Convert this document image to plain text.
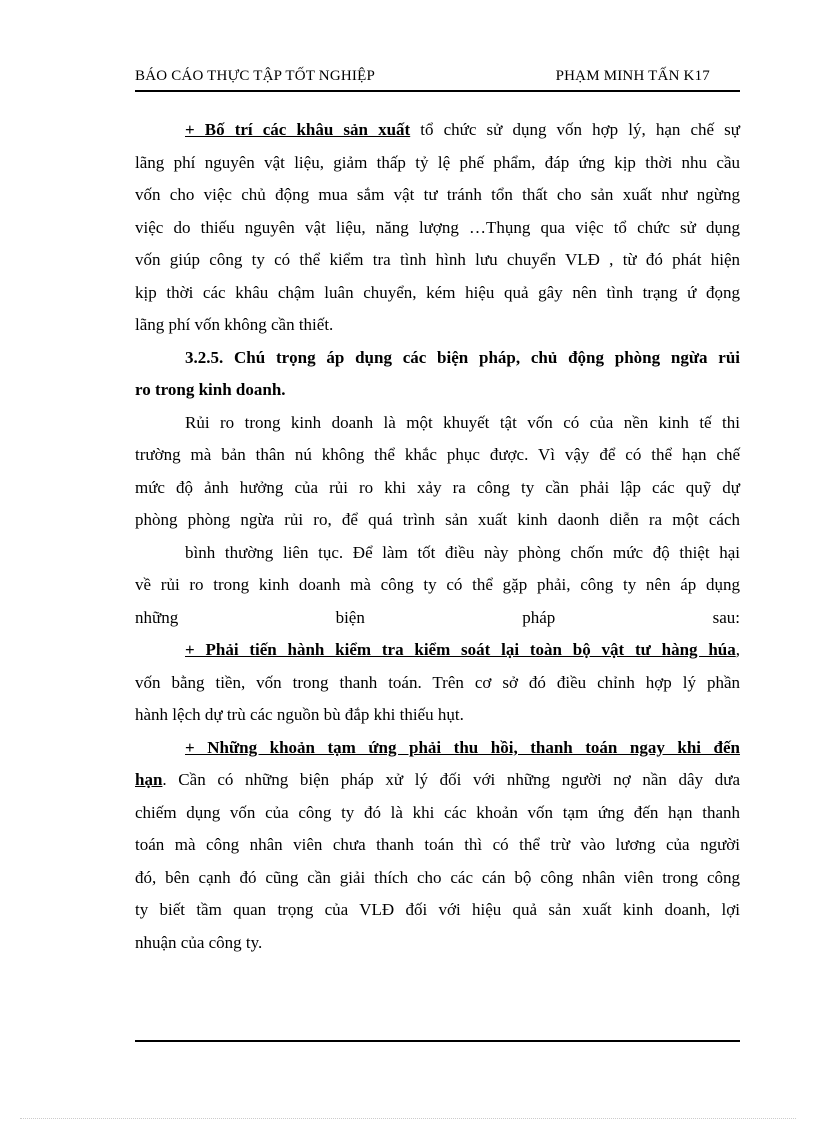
BÁO CÁO THỰC TẬP TỐT NGHIỆP	PHẠM MINH TẤN K17
+ Bố trí các khâu sản xuất tổ chức sử dụng vốn hợp lý, hạn chế sự
lãng phí nguyên vật liệu, giảm thấp tỷ lệ phế phẩm, đáp ứng kịp thời nhu cầu
vốn cho việc chủ động mua sắm vật tư tránh tổn thất cho sản xuất như ngừng
việc do thiếu nguyên vật liệu, năng lượng …Thụng qua việc tổ chức sử dụng
vốn giúp công ty có thể kiểm tra tình hình lưu chuyển VLĐ , từ đó phát hiện
kịp thời các khâu chậm luân chuyển, kém hiệu quả gây nên tình trạng ứ đọng
lãng phí vốn không cần thiết.
3.2.5. Chú trọng áp dụng các biện pháp, chủ động phòng ngừa rủi
ro trong kinh doanh.
Rủi ro trong kinh doanh là một khuyết tật vốn có của nền kinh tế thi
trường mà bản thân nú không thể khắc phục được. Vì vậy để có thể hạn chế
mức độ ảnh hưởng của rủi ro khi xảy ra công ty cần phải lập các quỹ dự
phòng phòng ngừa rủi ro, để quá trình sản xuất kinh daonh diễn ra một cách
bình thường liên tục. Để làm tốt điều này phòng chốn mức độ thiệt hại
về rủi ro trong kinh doanh mà công ty có thể gặp phải, công ty nên áp dụng
những biện pháp sau:
+ Phải tiến hành kiểm tra kiểm soát lại toàn bộ vật tư hàng húa,
vốn bằng tiền, vốn trong thanh toán. Trên cơ sở đó điều chỉnh hợp lý phần
hành lệch dự trù các nguồn bù đắp khi thiếu hụt.
+ Những khoản tạm ứng phải thu hồi, thanh toán ngay khi đến
hạn. Cần có những biện pháp xử lý đối với những người nợ nần dây dưa
chiếm dụng vốn của công ty đó là khi các khoản vốn tạm ứng đến hạn thanh
toán mà công nhân viên chưa thanh toán thì có thể trừ vào lương của người
đó, bên cạnh đó cũng cần giải thích cho các cán bộ công nhân viên trong công
ty biết tầm quan trọng của VLĐ đối với hiệu quả sản xuất kinh doanh, lợi
nhuận của công ty.
